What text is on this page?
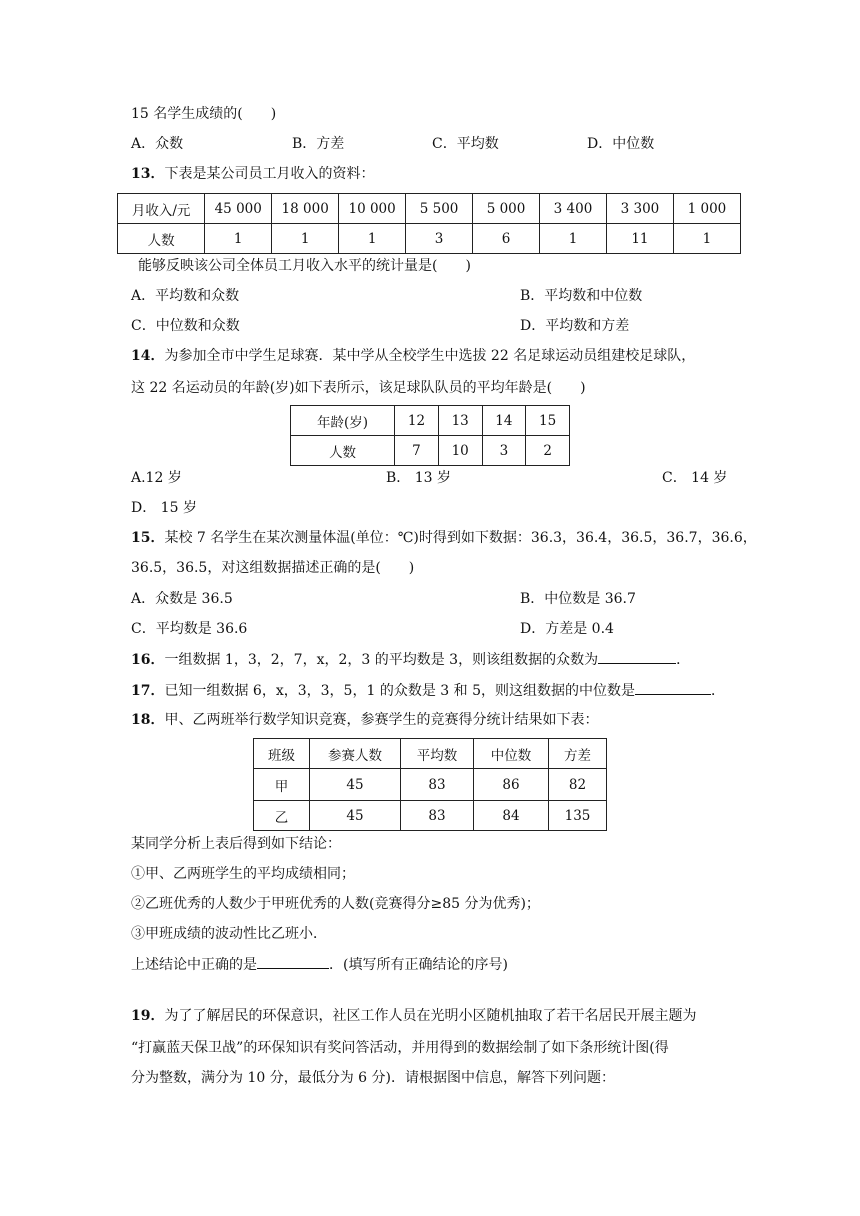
15 名学生成绩的(　　)
A．众数	B．方差	C．平均数	D．中位数
13．下表是某公司员工月收入的资料：
月收入/元	45 000	18 000	10 000	5 500	5 000	3 400	3 300	1 000
人数	1	1	1	3	6	1	11	1
能够反映该公司全体员工月收入水平的统计量是(　　)
A．平均数和众数	B．平均数和中位数
C．中位数和众数	D．平均数和方差
14．为参加全市中学生足球赛．某中学从全校学生中选拔 22 名足球运动员组建校足球队，
这 22 名运动员的年龄(岁)如下表所示，该足球队队员的平均年龄是(　　)
年龄(岁)	12	13	14	15
人数	7	10	3	2
A.12 岁	B． 13 岁	C． 14 岁
D． 15 岁
15．某校 7 名学生在某次测量体温(单位：℃)时得到如下数据：36.3，36.4，36.5，36.7，36.6，
36.5，36.5，对这组数据描述正确的是(　　)
A．众数是 36.5	B．中位数是 36.7
C．平均数是 36.6	D．方差是 0.4
16．一组数据 1，3，2，7，x，2，3 的平均数是 3，则该组数据的众数为	．
17．已知一组数据 6，x，3，3，5，1 的众数是 3 和 5，则这组数据的中位数是	．
18．甲、乙两班举行数学知识竞赛，参赛学生的竞赛得分统计结果如下表：
班级	参赛人数	平均数	中位数	方差
甲	45	83	86	82
乙	45	83	84	135
某同学分析上表后得到如下结论：
①甲、乙两班学生的平均成绩相同；
②乙班优秀的人数少于甲班优秀的人数(竞赛得分≥85 分为优秀)；
③甲班成绩的波动性比乙班小．
上述结论中正确的是	．(填写所有正确结论的序号)
19．为了了解居民的环保意识，社区工作人员在光明小区随机抽取了若干名居民开展主题为
“打赢蓝天保卫战”的环保知识有奖问答活动，并用得到的数据绘制了如下条形统计图(得
分为整数，满分为 10 分，最低分为 6 分)．请根据图中信息，解答下列问题：
